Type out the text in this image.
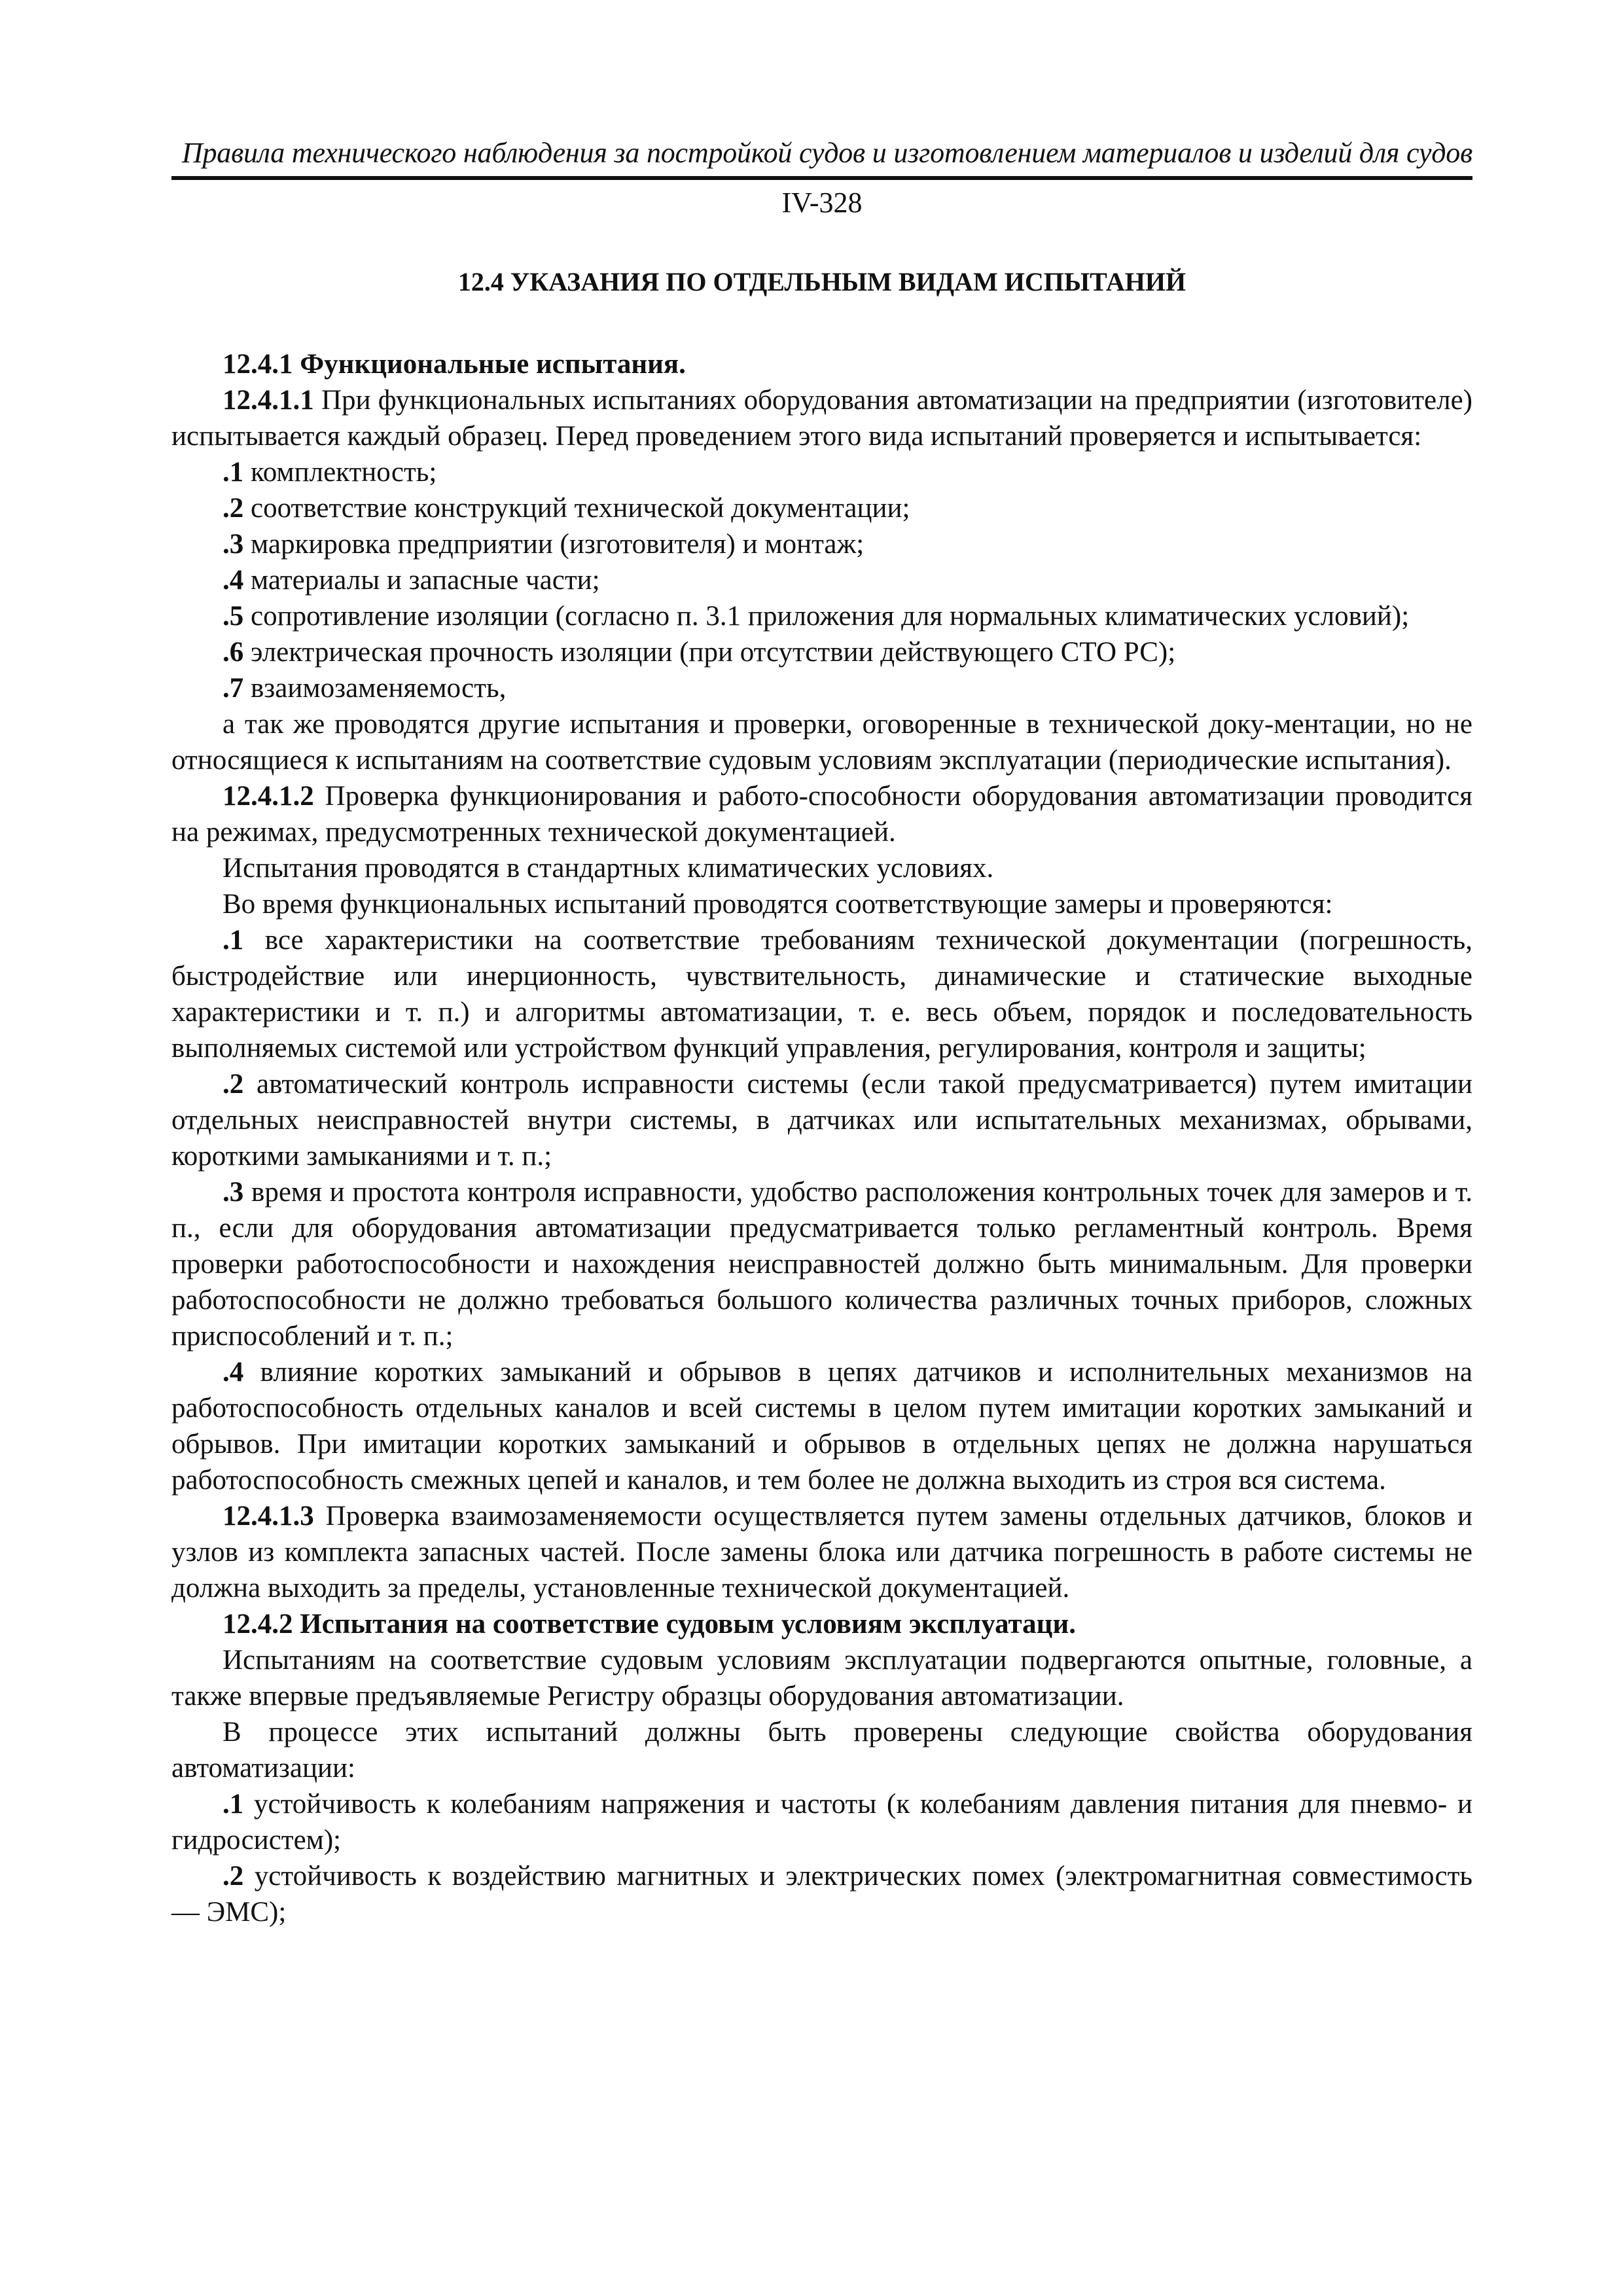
Правила технического наблюдения за постройкой судов и изготовлением материалов и изделий для судов
IV-328
12.4 УКАЗАНИЯ ПО ОТДЕЛЬНЫМ ВИДАМ ИСПЫТАНИЙ

12.4.1 Функциональные испытания.

12.4.1.1 При функциональных испытаниях оборудования автоматизации на предприятии (изготовителе) испытывается каждый образец. Перед проведением этого вида испытаний проверяется и испытывается:

.1 комплектность;

.2 соответствие конструкций технической документации;

.3 маркировка предприятии (изготовителя) и монтаж;

.4 материалы и запасные части;

.5 сопротивление изоляции (согласно п. 3.1 приложения для нормальных климатических условий);

.6 электрическая прочность изоляции (при отсутствии действующего СТО РС);

.7 взаимозаменяемость,

а так же проводятся другие испытания и проверки, оговоренные в технической доку-ментации, но не относящиеся к испытаниям на соответствие судовым условиям эксплуатации (периодические испытания).

12.4.1.2 Проверка функционирования и работо-способности оборудования автоматизации проводится на режимах, предусмотренных технической документацией.

Испытания проводятся в стандартных климатических условиях.

Во время функциональных испытаний проводятся соответствующие замеры и проверяются:

.1 все характеристики на соответствие требованиям технической документации (погрешность, быстродействие или инерционность, чувствительность, динамические и статические выходные характеристики и т. п.) и алгоритмы автоматизации, т. е. весь объем, порядок и последовательность выполняемых системой или устройством функций управления, регулирования, контроля и защиты;

.2 автоматический контроль исправности системы (если такой предусматривается) путем имитации отдельных неисправностей внутри системы, в датчиках или испытательных механизмах, обрывами, короткими замыканиями и т. п.;

.3 время и простота контроля исправности, удобство расположения контрольных точек для замеров и т. п., если для оборудования автоматизации предусматривается только регламентный контроль. Время проверки работоспособности и нахождения неисправностей должно быть минимальным. Для проверки работоспособности не должно требоваться большого количества различных точных приборов, сложных приспособлений и т. п.;

.4 влияние коротких замыканий и обрывов в цепях датчиков и исполнительных механизмов на работоспособность отдельных каналов и всей системы в целом путем имитации коротких замыканий и обрывов. При имитации коротких замыканий и обрывов в отдельных цепях не должна нарушаться работоспособность смежных цепей и каналов, и тем более не должна выходить из строя вся система.

12.4.1.3 Проверка взаимозаменяемости осуществляется путем замены отдельных датчиков, блоков и узлов из комплекта запасных частей. После замены блока или датчика погрешность в работе системы не должна выходить за пределы, установленные технической документацией.

12.4.2 Испытания на соответствие судовым условиям эксплуатаци.

Испытаниям на соответствие судовым условиям эксплуатации подвергаются опытные, головные, а также впервые предъявляемые Регистру образцы оборудования автоматизации.

В процессе этих испытаний должны быть проверены следующие свойства оборудования автоматизации:

.1 устойчивость к колебаниям напряжения и частоты (к колебаниям давления питания для пневмо- и гидросистем);

.2 устойчивость к воздействию магнитных и электрических помех (электромагнитная совместимость — ЭМС);
